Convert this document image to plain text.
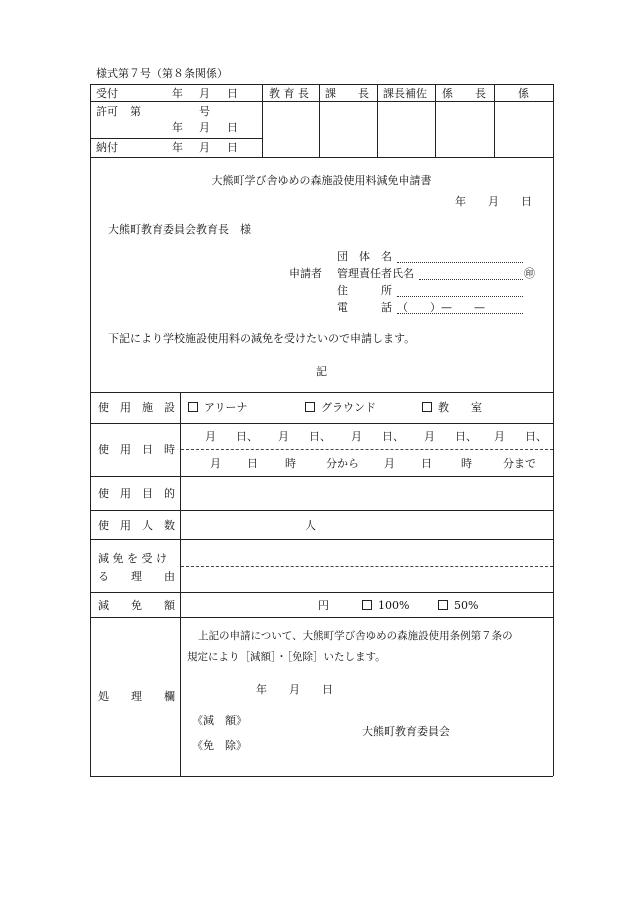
様式第７号（第８条関係）
受付	年 月 日
許可 第	号
年 月 日
納付	年 月 日
教 育 長 課　　長 課長補佐 係　　長	係
大熊町学び舎ゆめの森施設使用料減免申請書
年　　月　　日
大熊町教育委員会教育長　様
団　体　名
申請者 管理責任者氏名	㊞
住　　　所
電　　　話 （　　）—　　—
下記により学校施設使用料の減免を受けたいので申請します。
記
使　用　施　設	アリーナ	グラウンド	教　　室
使　用　日　時
月 日、 月 日、 月 日、 月 日、 月 日、
月 日 時	分から 月 日	時	分まで
使　用　目　的
使　用　人　数	人
減 免 を 受 け
る　　理　　由
減　　免　　額	円	100%	50%
処　　理　　欄
上記の申請について、大熊町学び舎ゆめの森施設使用条例第７条の
規定により［減額］・［免除］いたします。
年　　月　　日
《減　額》
《免　除》
大熊町教育委員会
